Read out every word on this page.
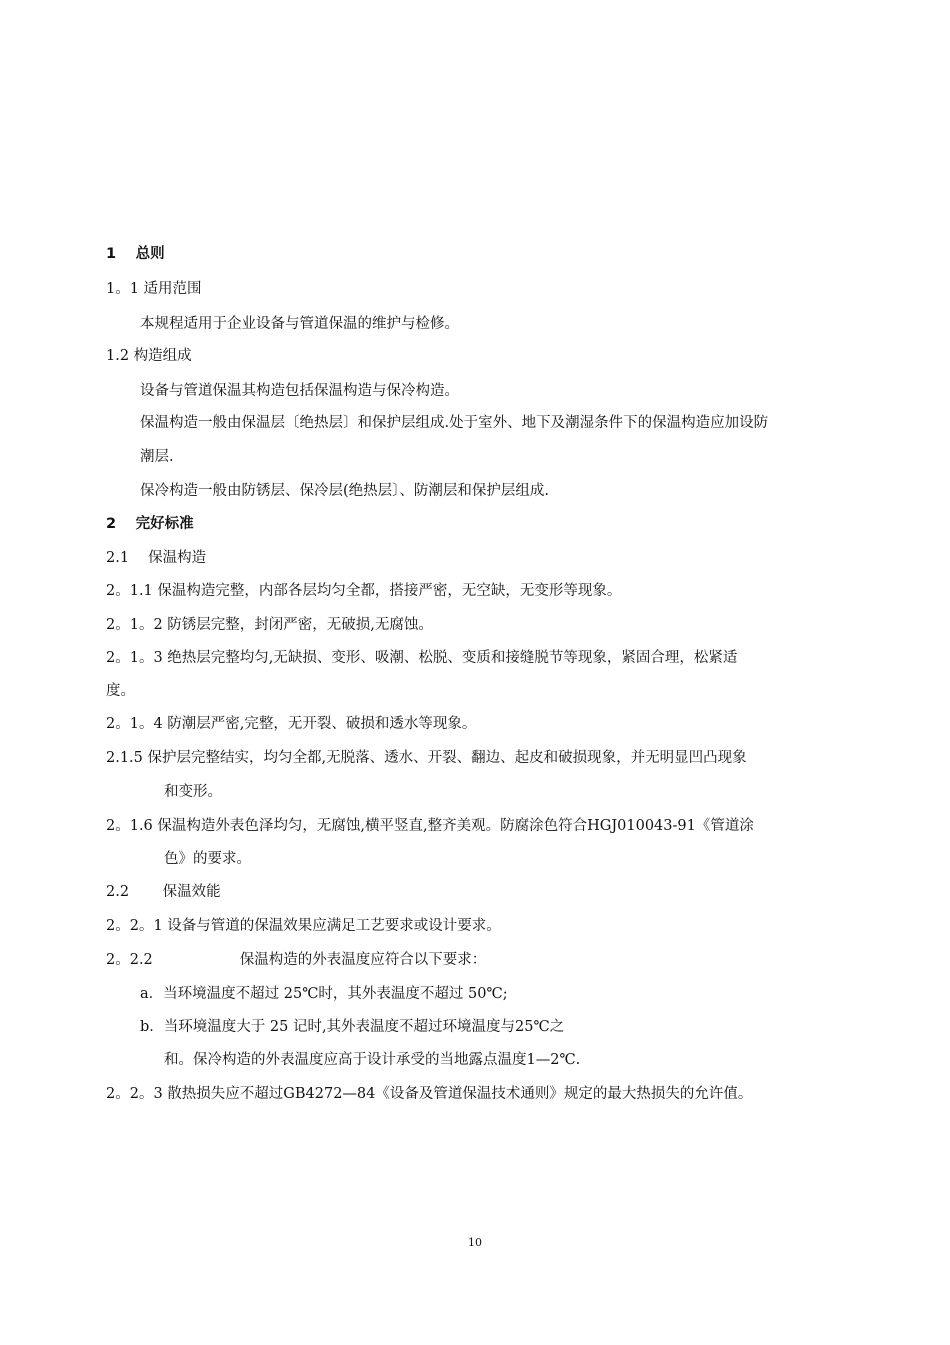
1　 总则
1。1 适用范围
本规程适用于企业设备与管道保温的维护与检修。
1.2 构造组成
设备与管道保温其构造包括保温构造与保冷构造。
保温构造一般由保温层〔绝热层〕和保护层组成.处于室外、地下及潮湿条件下的保温构造应加设防
潮层.
保冷构造一般由防锈层、保冷层(绝热层〕、防潮层和保护层组成.
2　 完好标准
2.1　 保温构造
2。1.1 保温构造完整，内部各层均匀全都，搭接严密，无空缺，无变形等现象。
2。1。2 防锈层完整，封闭严密，无破损,无腐蚀。
2。1。3 绝热层完整均匀,无缺损、变形、吸潮、松脱、变质和接缝脱节等现象，紧固合理，松紧适
度。
2。1。4 防潮层严密,完整，无开裂、破损和透水等现象。
2.1.5 保护层完整结实，均匀全都,无脱落、透水、开裂、翻边、起皮和破损现象，并无明显凹凸现象
和变形。
2。1.6 保温构造外表色泽均匀，无腐蚀,横平竖直,整齐美观。防腐涂色符合HGJ010043-91《管道涂
色》的要求。
2.2　　 保温效能
2。2。1 设备与管道的保温效果应满足工艺要求或设计要求。
2。2.2　　　　　　保温构造的外表温度应符合以下要求：
a．当环境温度不超过 25℃时，其外表温度不超过 50℃;
b．当环境温度大于 25 记时,其外表温度不超过环境温度与25℃之
和。保冷构造的外表温度应高于设计承受的当地露点温度1—2℃.
2。2。3 散热损失应不超过GB4272—84《设备及管道保温技术通则》规定的最大热损失的允许值。
10
